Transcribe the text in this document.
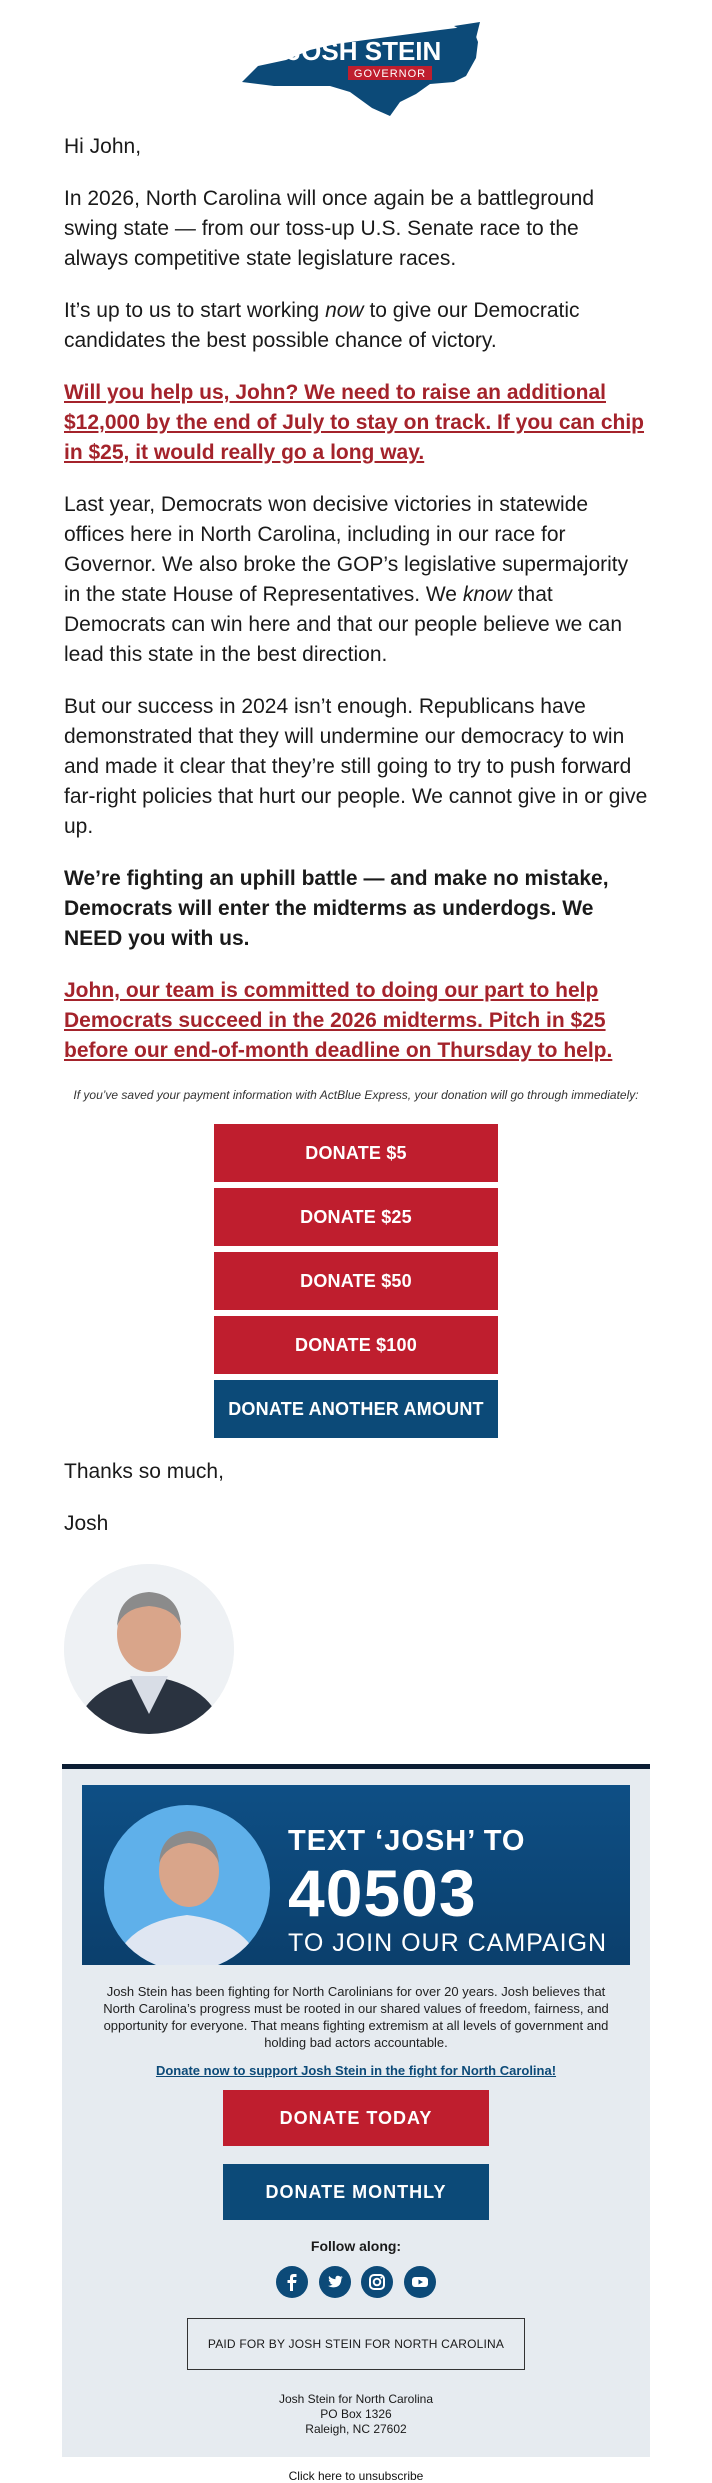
JOSH STEIN
GOVERNOR

Hi John,

In 2026, North Carolina will once again be a battleground swing state — from our toss-up U.S. Senate race to the always competitive state legislature races.

It’s up to us to start working now to give our Democratic candidates the best possible chance of victory.

Will you help us, John? We need to raise an additional $12,000 by the end of July to stay on track. If you can chip in $25, it would really go a long way.

Last year, Democrats won decisive victories in statewide offices here in North Carolina, including in our race for Governor. We also broke the GOP’s legislative supermajority in the state House of Representatives. We know that Democrats can win here and that our people believe we can lead this state in the best direction.

But our success in 2024 isn’t enough. Republicans have demonstrated that they will undermine our democracy to win and made it clear that they’re still going to try to push forward far-right policies that hurt our people. We cannot give in or give up.

We’re fighting an uphill battle — and make no mistake, Democrats will enter the midterms as underdogs. We NEED you with us.

John, our team is committed to doing our part to help Democrats succeed in the 2026 midterms. Pitch in $25 before our end-of-month deadline on Thursday to help.

If you’ve saved your payment information with ActBlue Express, your donation will go through immediately:

DONATE $5
DONATE $25
DONATE $50
DONATE $100
DONATE ANOTHER AMOUNT

Thanks so much,

Josh

TEXT ‘JOSH’ TO
40503
TO JOIN OUR CAMPAIGN

Josh Stein has been fighting for North Carolinians for over 20 years. Josh believes that North Carolina’s progress must be rooted in our shared values of freedom, fairness, and opportunity for everyone. That means fighting extremism at all levels of government and holding bad actors accountable.

Donate now to support Josh Stein in the fight for North Carolina!
DONATE TODAY
DONATE MONTHLY
Follow along:

PAID FOR BY JOSH STEIN FOR NORTH CAROLINA
Josh Stein for North Carolina
PO Box 1326
Raleigh, NC 27602
Click here to unsubscribe
